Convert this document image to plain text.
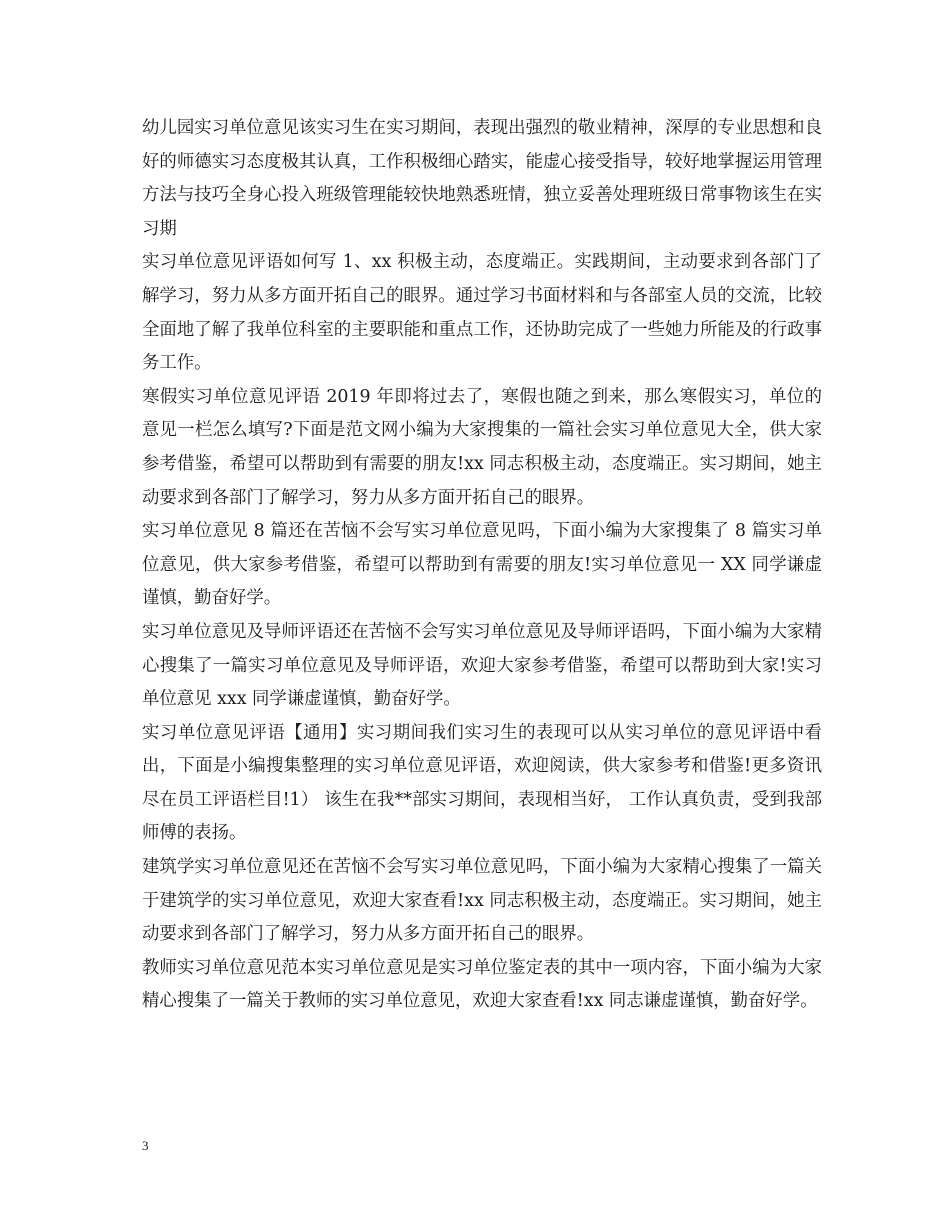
幼儿园实习单位意见该实习生在实习期间，表现出强烈的敬业精神，深厚的专业思想和良好的师德实习态度极其认真，工作积极细心踏实，能虚心接受指导，较好地掌握运用管理方法与技巧全身心投入班级管理能较快地熟悉班情，独立妥善处理班级日常事物该生在实习期

实习单位意见评语如何写 1、xx 积极主动，态度端正。实践期间，主动要求到各部门了解学习，努力从多方面开拓自己的眼界。通过学习书面材料和与各部室人员的交流，比较全面地了解了我单位科室的主要职能和重点工作，还协助完成了一些她力所能及的行政事务工作。

寒假实习单位意见评语 2019 年即将过去了，寒假也随之到来，那么寒假实习，单位的意见一栏怎么填写?下面是范文网小编为大家搜集的一篇社会实习单位意见大全，供大家参考借鉴，希望可以帮助到有需要的朋友!xx 同志积极主动，态度端正。实习期间，她主动要求到各部门了解学习，努力从多方面开拓自己的眼界。

实习单位意见 8 篇还在苦恼不会写实习单位意见吗，下面小编为大家搜集了 8 篇实习单位意见，供大家参考借鉴，希望可以帮助到有需要的朋友!实习单位意见一 XX 同学谦虚谨慎，勤奋好学。

实习单位意见及导师评语还在苦恼不会写实习单位意见及导师评语吗，下面小编为大家精心搜集了一篇实习单位意见及导师评语，欢迎大家参考借鉴，希望可以帮助到大家!实习单位意见 xxx 同学谦虚谨慎，勤奋好学。

实习单位意见评语【通用】实习期间我们实习生的表现可以从实习单位的意见评语中看出，下面是小编搜集整理的实习单位意见评语，欢迎阅读，供大家参考和借鉴!更多资讯尽在员工评语栏目!1） 该生在我**部实习期间，表现相当好， 工作认真负责，受到我部师傅的表扬。

建筑学实习单位意见还在苦恼不会写实习单位意见吗，下面小编为大家精心搜集了一篇关于建筑学的实习单位意见，欢迎大家查看!xx 同志积极主动，态度端正。实习期间，她主动要求到各部门了解学习，努力从多方面开拓自己的眼界。

教师实习单位意见范本实习单位意见是实习单位鉴定表的其中一项内容，下面小编为大家精心搜集了一篇关于教师的实习单位意见，欢迎大家查看!xx 同志谦虚谨慎，勤奋好学。

3
